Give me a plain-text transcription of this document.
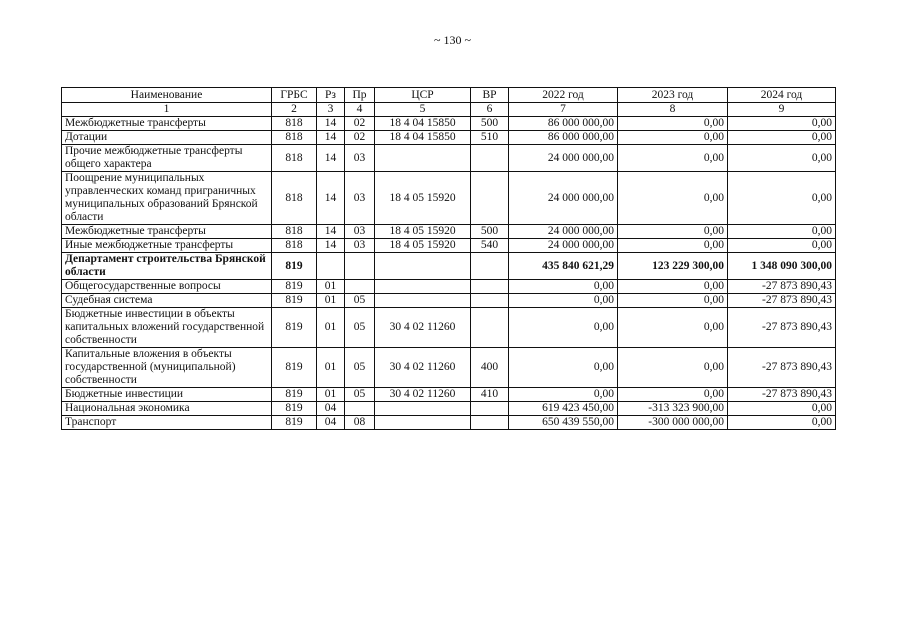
~ 130 ~
Наименование	ГРБС	Рз	Пр	ЦСР	ВР	2022 год	2023 год	2024 год
1	2	3	4	5	6	7	8	9
Межбюджетные трансферты	818	14	02	18 4 04 15850	500	86 000 000,00	0,00	0,00
Дотации	818	14	02	18 4 04 15850	510	86 000 000,00	0,00	0,00
Прочие межбюджетные трансферты общего характера	818	14	03			24 000 000,00	0,00	0,00
Поощрение муниципальных управленческих команд приграничных муниципальных образований Брянской области	818	14	03	18 4 05 15920		24 000 000,00	0,00	0,00
Межбюджетные трансферты	818	14	03	18 4 05 15920	500	24 000 000,00	0,00	0,00
Иные межбюджетные трансферты	818	14	03	18 4 05 15920	540	24 000 000,00	0,00	0,00
Департамент строительства Брянской области	819					435 840 621,29	123 229 300,00	1 348 090 300,00
Общегосударственные вопросы	819	01				0,00	0,00	-27 873 890,43
Судебная система	819	01	05			0,00	0,00	-27 873 890,43
Бюджетные инвестиции в объекты капитальных вложений государственной собственности	819	01	05	30 4 02 11260		0,00	0,00	-27 873 890,43
Капитальные вложения в объекты государственной (муниципальной) собственности	819	01	05	30 4 02 11260	400	0,00	0,00	-27 873 890,43
Бюджетные инвестиции	819	01	05	30 4 02 11260	410	0,00	0,00	-27 873 890,43
Национальная экономика	819	04				619 423 450,00	-313 323 900,00	0,00
Транспорт	819	04	08			650 439 550,00	-300 000 000,00	0,00
